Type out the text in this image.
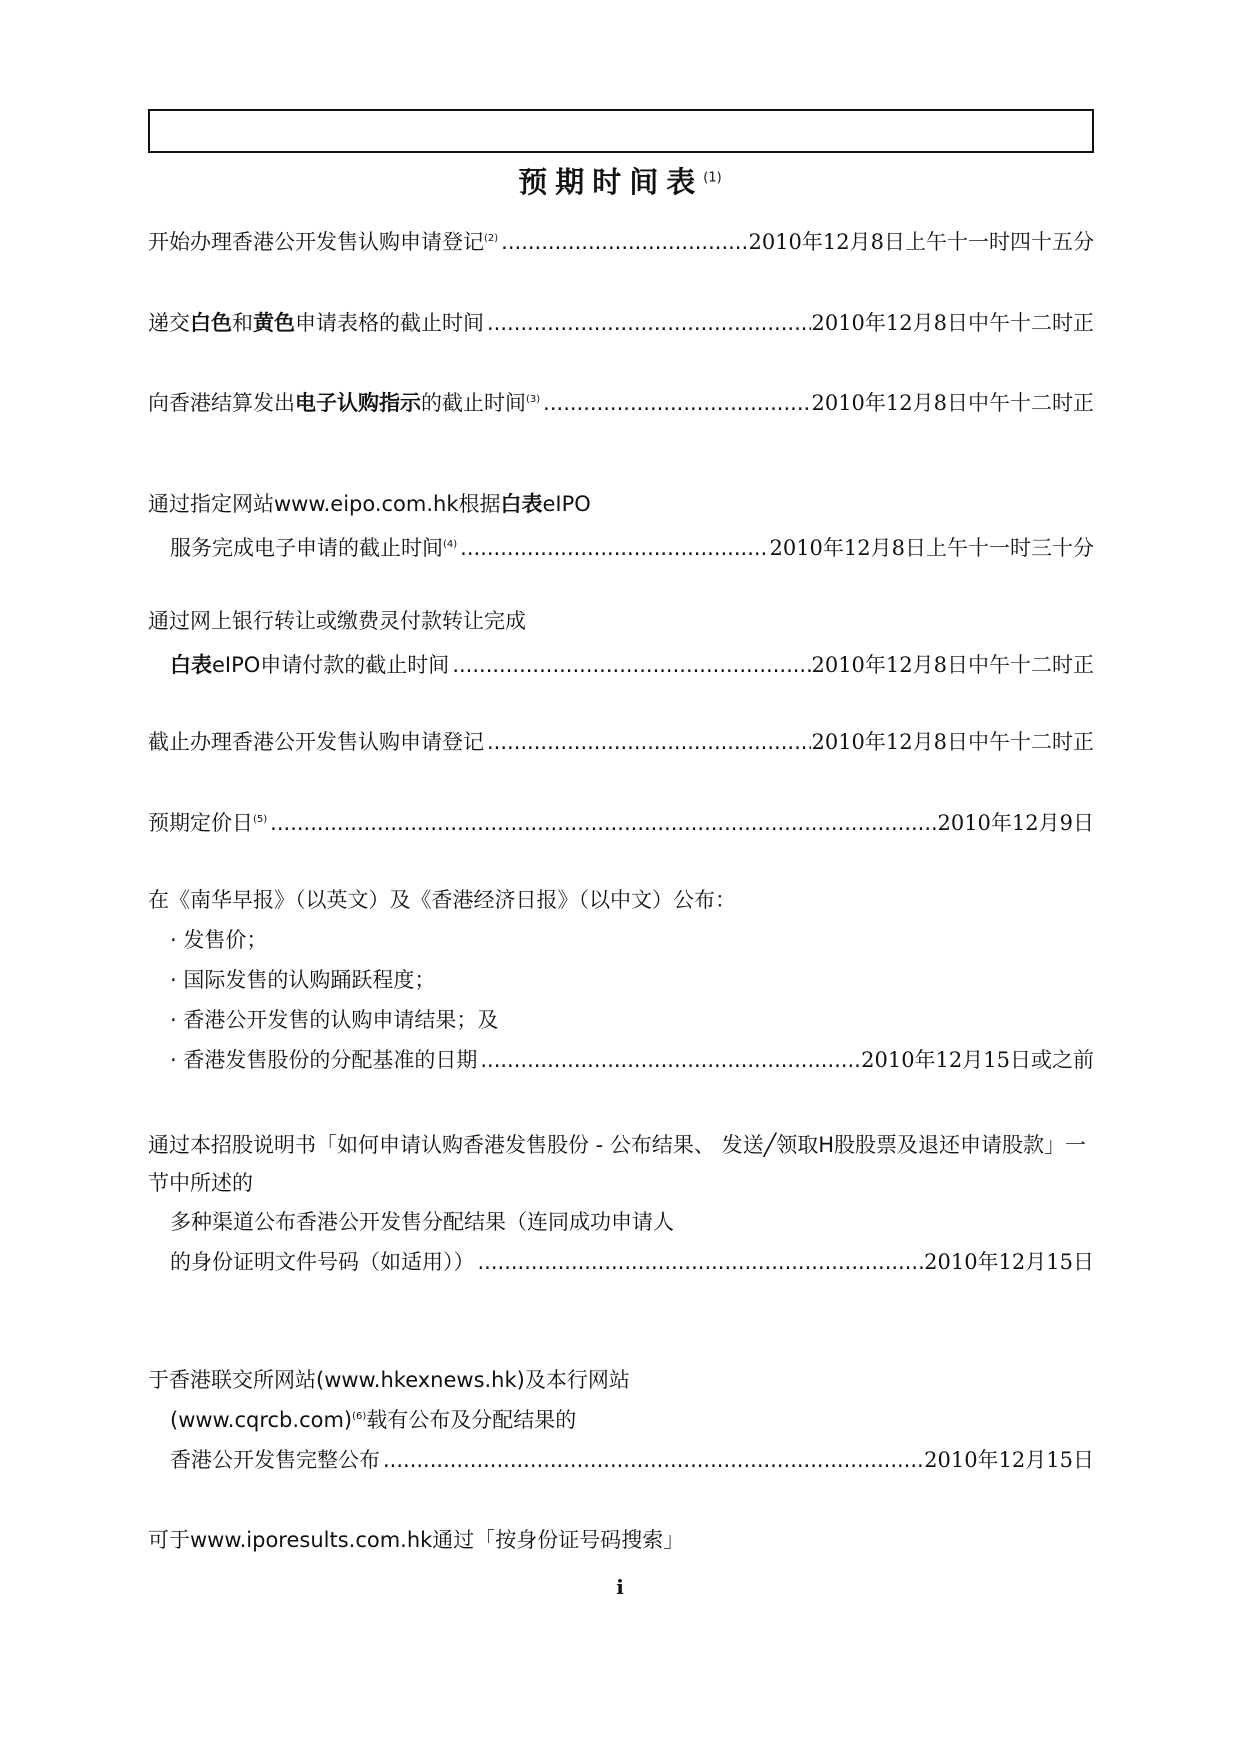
预期时间表$^{(1)}$
开始办理香港公开发售认购申请登记$^{(2)}$ .....	2010年12月8日上午十一时四十五分
递交白色和黄色申请表格的截止时间 .....	2010年12月8日中午十二时正
向香港结算发出电子认购指示的截止时间$^{(3)}$ .....	2010年12月8日中午十二时正
通过指定网站www.eipo.com.hk根据白表eIPO
服务完成电子申请的截止时间$^{(4)}$ .....	2010年12月8日上午十一时三十分
通过网上银行转让或缴费灵付款转让完成
白表eIPO申请付款的截止时间 .....	2010年12月8日中午十二时正
截止办理香港公开发售认购申请登记 .....	2010年12月8日中午十二时正
预期定价日$^{(5)}$ .....	2010年12月9日
在《南华早报》（以英文）及《香港经济日报》（以中文）公布：
· 发售价；
· 国际发售的认购踊跃程度；
· 香港公开发售的认购申请结果；及
· 香港发售股份的分配基准的日期 .....	2010年12月15日或之前
通过本招股说明书「如何申请认购香港发售股份 - 公布结果、 发送╱领取H股股票及退还申请股款」一节中所述的
多种渠道公布香港公开发售分配结果（连同成功申请人
的身份证明文件号码（如适用）） .....	2010年12月15日
于香港联交所网站(www.hkexnews.hk)及本行网站
(www.cqrcb.com)$^{(6)}$载有公布及分配结果的
香港公开发售完整公布 .....	2010年12月15日
可于www.iporesults.com.hk通过「按身份证号码搜索」
i
